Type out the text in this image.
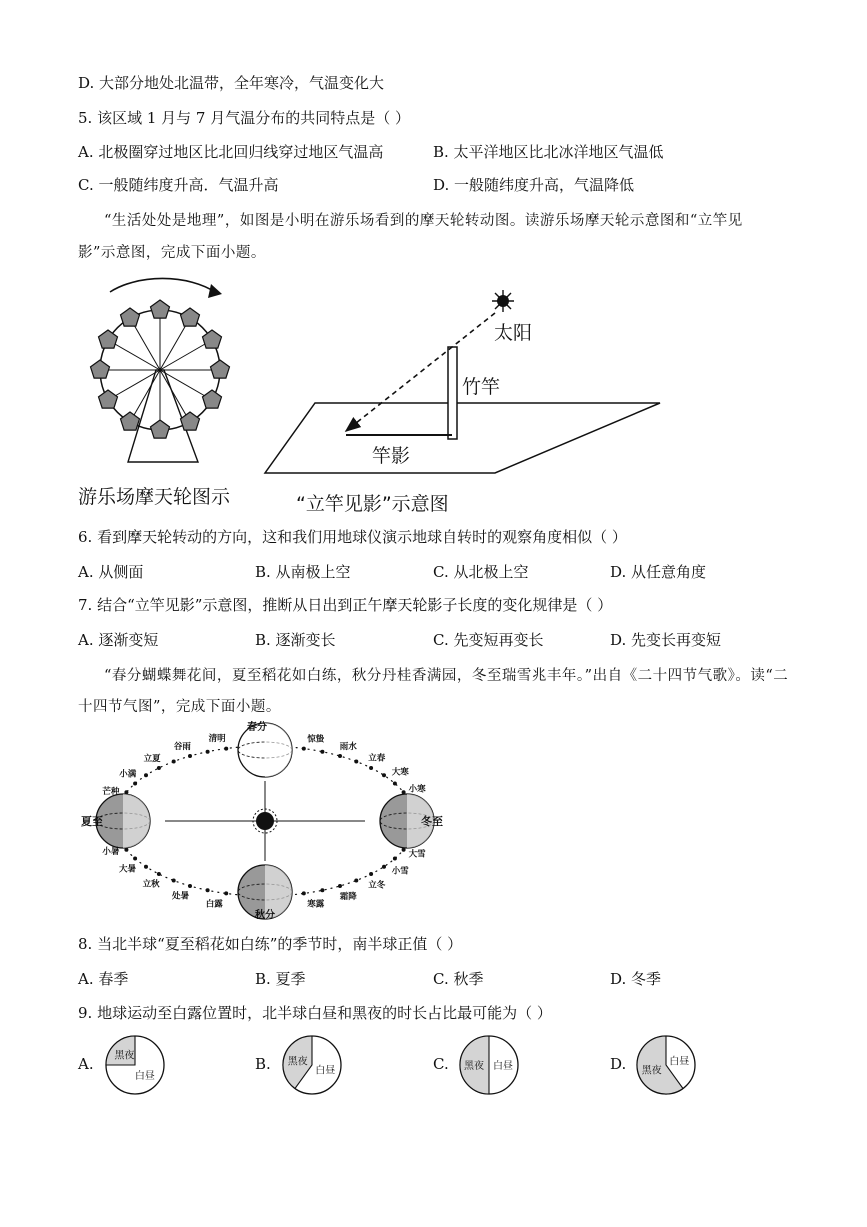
D. 大部分地处北温带，全年寒冷，气温变化大
5. 该区域 1 月与 7 月气温分布的共同特点是（ ）
A. 北极圈穿过地区比北回归线穿过地区气温高	B. 太平洋地区比北冰洋地区气温低
C. 一般随纬度升高．气温升高	D. 一般随纬度升高，气温降低
“生活处处是地理”，如图是小明在游乐场看到的摩天轮转动图。读游乐场摩天轮示意图和“立竿见
影”示意图，完成下面小题。
游乐场摩天轮图示
太阳
竹竿
竿影
“立竿见影”示意图
6. 看到摩天轮转动的方向，这和我们用地球仪演示地球自转时的观察角度相似（ ）
A. 从侧面	B. 从南极上空	C. 从北极上空	D. 从任意角度
7. 结合“立竿见影”示意图，推断从日出到正午摩天轮影子长度的变化规律是（ ）
A. 逐渐变短	B. 逐渐变长	C. 先变短再变长	D. 先变长再变短
“春分蝴蝶舞花间，夏至稻花如白练，秋分丹桂香满园，冬至瑞雪兆丰年。”出自《二十四节气歌》。读“二
十四节气图”，完成下面小题。
春分
夏至
秋分
冬至
芒种
小满
立夏
谷雨
清明	惊蛰
雨水
立春
大寒
小寒
小暑
大暑
立秋
处暑
白露	寒露
霜降
立冬
小雪
大雪
8. 当北半球“夏至稻花如白练”的季节时，南半球正值（ ）
A. 春季	B. 夏季	C. 秋季	D. 冬季
9. 地球运动至白露位置时，北半球白昼和黑夜的时长占比最可能为（ ）
A.	B.	C.	D.
黑夜
白昼
黑夜
白昼	黑夜 白昼	黑夜
白昼
